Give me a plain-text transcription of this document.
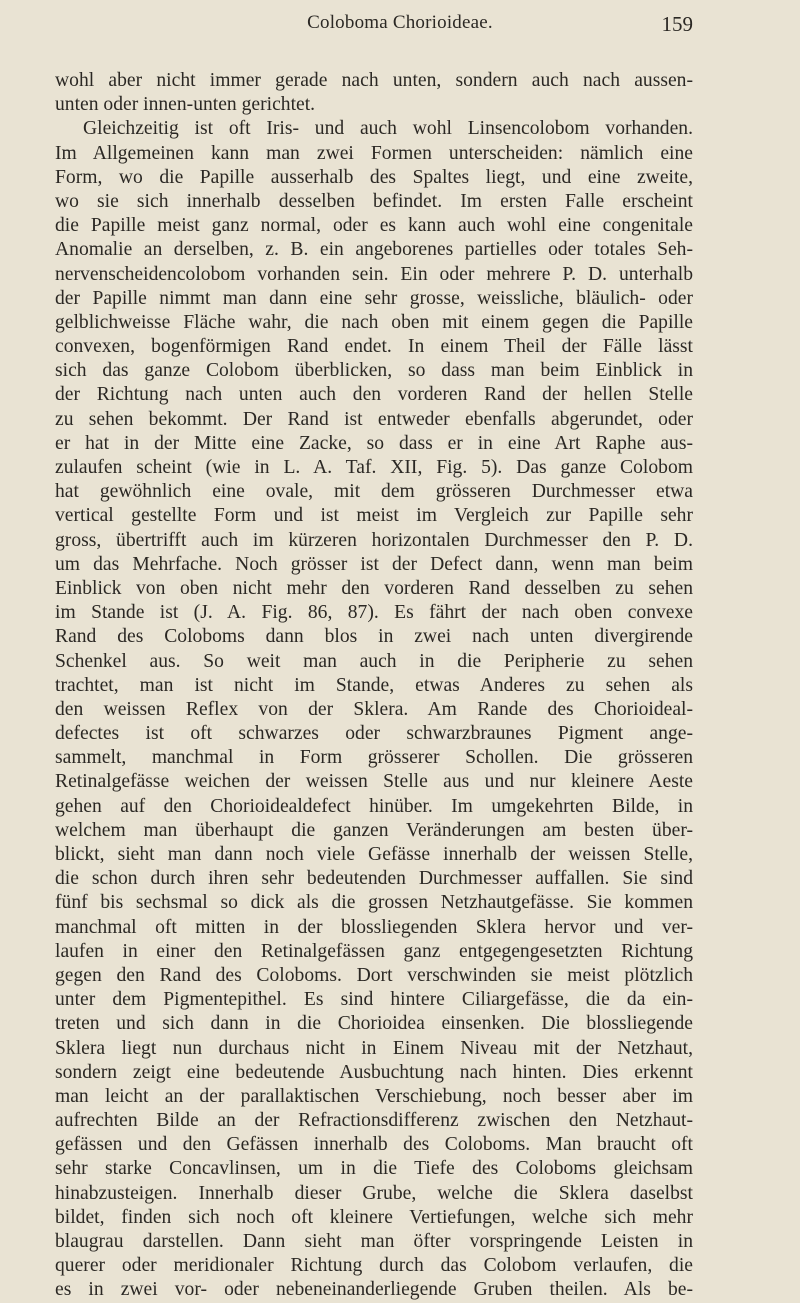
Coloboma Chorioideae.	159
wohl aber nicht immer gerade nach unten, sondern auch nach aussen-
unten oder innen-unten gerichtet.
Gleichzeitig ist oft Iris- und auch wohl Linsencolobom vorhanden.
Im Allgemeinen kann man zwei Formen unterscheiden: nämlich eine
Form, wo die Papille ausserhalb des Spaltes liegt, und eine zweite,
wo sie sich innerhalb desselben befindet. Im ersten Falle erscheint
die Papille meist ganz normal, oder es kann auch wohl eine congenitale
Anomalie an derselben, z. B. ein angeborenes partielles oder totales Seh-
nervenscheidencolobom vorhanden sein. Ein oder mehrere P. D. unterhalb
der Papille nimmt man dann eine sehr grosse, weissliche, bläulich- oder
gelblichweisse Fläche wahr, die nach oben mit einem gegen die Papille
convexen, bogenförmigen Rand endet. In einem Theil der Fälle lässt
sich das ganze Colobom überblicken, so dass man beim Einblick in
der Richtung nach unten auch den vorderen Rand der hellen Stelle
zu sehen bekommt. Der Rand ist entweder ebenfalls abgerundet, oder
er hat in der Mitte eine Zacke, so dass er in eine Art Raphe aus-
zulaufen scheint (wie in L. A. Taf. XII, Fig. 5). Das ganze Colobom
hat gewöhnlich eine ovale, mit dem grösseren Durchmesser etwa
vertical gestellte Form und ist meist im Vergleich zur Papille sehr
gross, übertrifft auch im kürzeren horizontalen Durchmesser den P. D.
um das Mehrfache. Noch grösser ist der Defect dann, wenn man beim
Einblick von oben nicht mehr den vorderen Rand desselben zu sehen
im Stande ist (J. A. Fig. 86, 87). Es fährt der nach oben convexe
Rand des Coloboms dann blos in zwei nach unten divergirende
Schenkel aus. So weit man auch in die Peripherie zu sehen
trachtet, man ist nicht im Stande, etwas Anderes zu sehen als
den weissen Reflex von der Sklera. Am Rande des Chorioideal-
defectes ist oft schwarzes oder schwarzbraunes Pigment ange-
sammelt, manchmal in Form grösserer Schollen. Die grösseren
Retinalgefässe weichen der weissen Stelle aus und nur kleinere Aeste
gehen auf den Chorioidealdefect hinüber. Im umgekehrten Bilde, in
welchem man überhaupt die ganzen Veränderungen am besten über-
blickt, sieht man dann noch viele Gefässe innerhalb der weissen Stelle,
die schon durch ihren sehr bedeutenden Durchmesser auffallen. Sie sind
fünf bis sechsmal so dick als die grossen Netzhautgefässe. Sie kommen
manchmal oft mitten in der blossliegenden Sklera hervor und ver-
laufen in einer den Retinalgefässen ganz entgegengesetzten Richtung
gegen den Rand des Coloboms. Dort verschwinden sie meist plötzlich
unter dem Pigmentepithel. Es sind hintere Ciliargefässe, die da ein-
treten und sich dann in die Chorioidea einsenken. Die blossliegende
Sklera liegt nun durchaus nicht in Einem Niveau mit der Netzhaut,
sondern zeigt eine bedeutende Ausbuchtung nach hinten. Dies erkennt
man leicht an der parallaktischen Verschiebung, noch besser aber im
aufrechten Bilde an der Refractionsdifferenz zwischen den Netzhaut-
gefässen und den Gefässen innerhalb des Coloboms. Man braucht oft
sehr starke Concavlinsen, um in die Tiefe des Coloboms gleichsam
hinabzusteigen. Innerhalb dieser Grube, welche die Sklera daselbst
bildet, finden sich noch oft kleinere Vertiefungen, welche sich mehr
blaugrau darstellen. Dann sieht man öfter vorspringende Leisten in
querer oder meridionaler Richtung durch das Colobom verlaufen, die
es in zwei vor- oder nebeneinanderliegende Gruben theilen. Als be-
